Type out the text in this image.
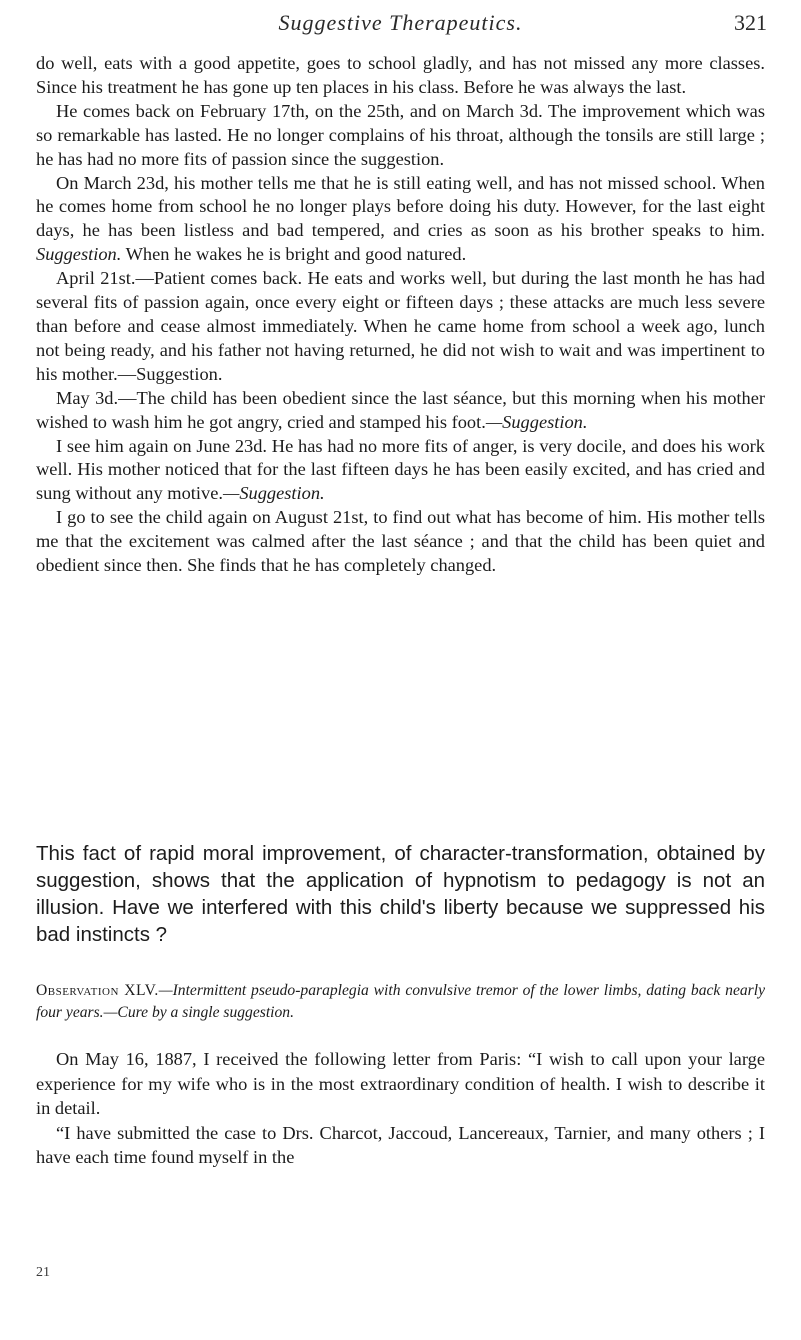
Suggestive Therapeutics.	321

do well, eats with a good appetite, goes to school gladly, and has not missed any more classes. Since his treatment he has gone up ten places in his class. Before he was always the last.

He comes back on February 17th, on the 25th, and on March 3d. The improvement which was so remarkable has lasted. He no longer complains of his throat, although the tonsils are still large ; he has had no more fits of passion since the suggestion.

On March 23d, his mother tells me that he is still eating well, and has not missed school. When he comes home from school he no longer plays before doing his duty. However, for the last eight days, he has been listless and bad tempered, and cries as soon as his brother speaks to him. Suggestion. When he wakes he is bright and good natured.

April 21st.—Patient comes back. He eats and works well, but during the last month he has had several fits of passion again, once every eight or fifteen days ; these attacks are much less severe than before and cease almost immediately. When he came home from school a week ago, lunch not being ready, and his father not having returned, he did not wish to wait and was impertinent to his mother.—Suggestion.

May 3d.—The child has been obedient since the last séance, but this morning when his mother wished to wash him he got angry, cried and stamped his foot.—Suggestion.

I see him again on June 23d. He has had no more fits of anger, is very docile, and does his work well. His mother noticed that for the last fifteen days he has been easily excited, and has cried and sung without any motive.—Suggestion.

I go to see the child again on August 21st, to find out what has become of him. His mother tells me that the excitement was calmed after the last séance ; and that the child has been quiet and obedient since then. She finds that he has completely changed.

This fact of rapid moral improvement, of character-transformation, obtained by suggestion, shows that the application of hypnotism to pedagogy is not an illusion. Have we interfered with this child's liberty because we suppressed his bad instincts ?

Observation XLV.—Intermittent pseudo-paraplegia with convulsive tremor of the lower limbs, dating back nearly four years.—Cure by a single suggestion.

On May 16, 1887, I received the following letter from Paris: “I wish to call upon your large experience for my wife who is in the most extraordinary condition of health. I wish to describe it in detail.

“I have submitted the case to Drs. Charcot, Jaccoud, Lancereaux, Tarnier, and many others ; I have each time found myself in the

21
